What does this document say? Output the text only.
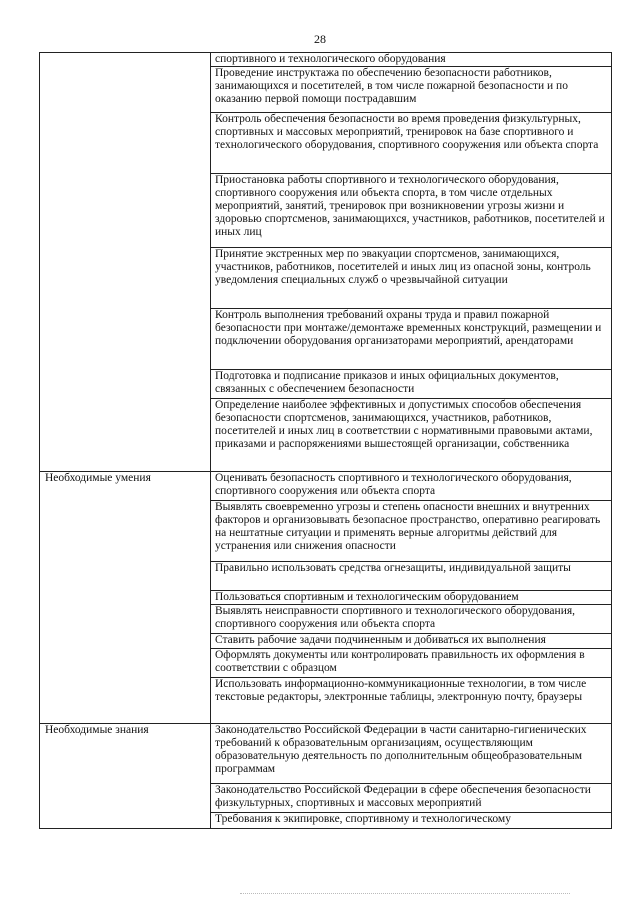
28
	спортивного и технологического оборудования
	Проведение инструктажа по обеспечению безопасности работников, занимающихся и посетителей, в том числе пожарной безопасности и по оказанию первой помощи пострадавшим
	Контроль обеспечения безопасности во время проведения физкультурных, спортивных и массовых мероприятий, тренировок на базе спортивного и технологического оборудования, спортивного сооружения или объекта спорта
	Приостановка работы спортивного и технологического оборудования, спортивного сооружения или объекта спорта, в том числе отдельных мероприятий, занятий, тренировок при возникновении угрозы жизни и здоровью спортсменов, занимающихся, участников, работников, посетителей и иных лиц
	Принятие экстренных мер по эвакуации спортсменов, занимающихся, участников, работников, посетителей и иных лиц из опасной зоны, контроль уведомления специальных служб о чрезвычайной ситуации
	Контроль выполнения требований охраны труда и правил пожарной безопасности при монтаже/демонтаже временных конструкций, размещении и подключении оборудования организаторами мероприятий, арендаторами
	Подготовка и подписание приказов и иных официальных документов, связанных с обеспечением безопасности
	Определение наиболее эффективных и допустимых способов обеспечения безопасности спортсменов, занимающихся, участников, работников, посетителей и иных лиц в соответствии с нормативными правовыми актами, приказами и распоряжениями вышестоящей организации, собственника
Необходимые умения	Оценивать безопасность спортивного и технологического оборудования, спортивного сооружения или объекта спорта
	Выявлять своевременно угрозы и степень опасности внешних и внутренних факторов и организовывать безопасное пространство, оперативно реагировать на нештатные ситуации и применять верные алгоритмы действий для устранения или снижения опасности
	Правильно использовать средства огнезащиты, индивидуальной защиты
	Пользоваться спортивным и технологическим оборудованием
	Выявлять неисправности спортивного и технологического оборудования, спортивного сооружения или объекта спорта
	Ставить рабочие задачи подчиненным и добиваться их выполнения
	Оформлять документы или контролировать правильность их оформления в соответствии с образцом
	Использовать информационно-коммуникационные технологии, в том числе текстовые редакторы, электронные таблицы, электронную почту, браузеры
Необходимые знания	Законодательство Российской Федерации в части санитарно-гигиенических требований к образовательным организациям, осуществляющим образовательную деятельность по дополнительным общеобразовательным программам
	Законодательство Российской Федерации в сфере обеспечения безопасности физкультурных, спортивных и массовых мероприятий
	Требования к экипировке, спортивному и технологическому
